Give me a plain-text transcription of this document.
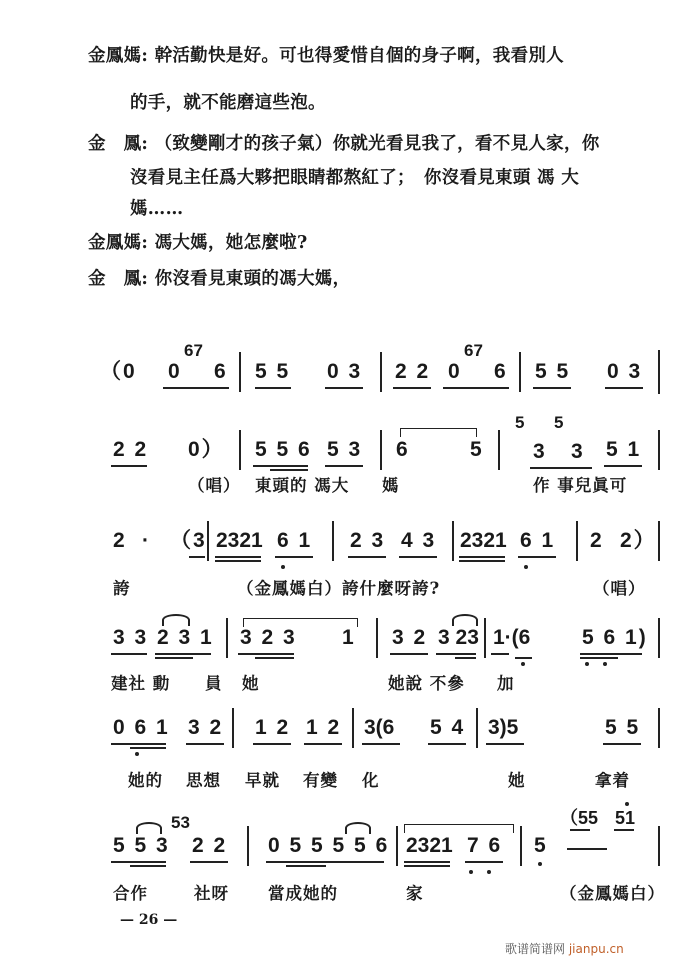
金鳳媽: 幹活勤快是好。可也得愛惜自個的身子啊，我看別人
的手，就不能磨這些泡。
金　鳳: （致變剛才的孩子氣）你就光看見我了，看不見人家，你
沒看見主任爲大夥把眼睛都熬紅了；　你沒看見東頭 馮 大
媽……
金鳳媽: 馮大媽，她怎麼啦?
金　鳳: 你沒看見東頭的馮大媽，
（0
67
0 6 5 5 0 3 2 2
67
0 6 5 5 0 3
2 2 0） 5 5 6 5 3 6	5
5 5
3 3 5 1
（唱） 東頭的 馮大 媽	作 事兒眞可
2 · （3 2321 6 1 2 3 4 3 2321 6 1 2 2）
誇	（金鳳媽白）誇什麼呀誇?	（唱）
3 3 2 3 1 3 2 3 1 3 2 3 23 1·(6 5 6 1)
建社 動 員 她	她說 不參 加
0 6 1 3 2 1 2 1 2 3(6 5 4 3)5	5 5
她的 思想 早就 有變 化	她	拿着
5 5 3
53
2 2 0 5 5 5 5 6 2321 7 6 5
（55 51
合作	社呀 當成她的	家	（金鳳媽白）
— 26 —
歌谱简谱网 jianpu.cn
